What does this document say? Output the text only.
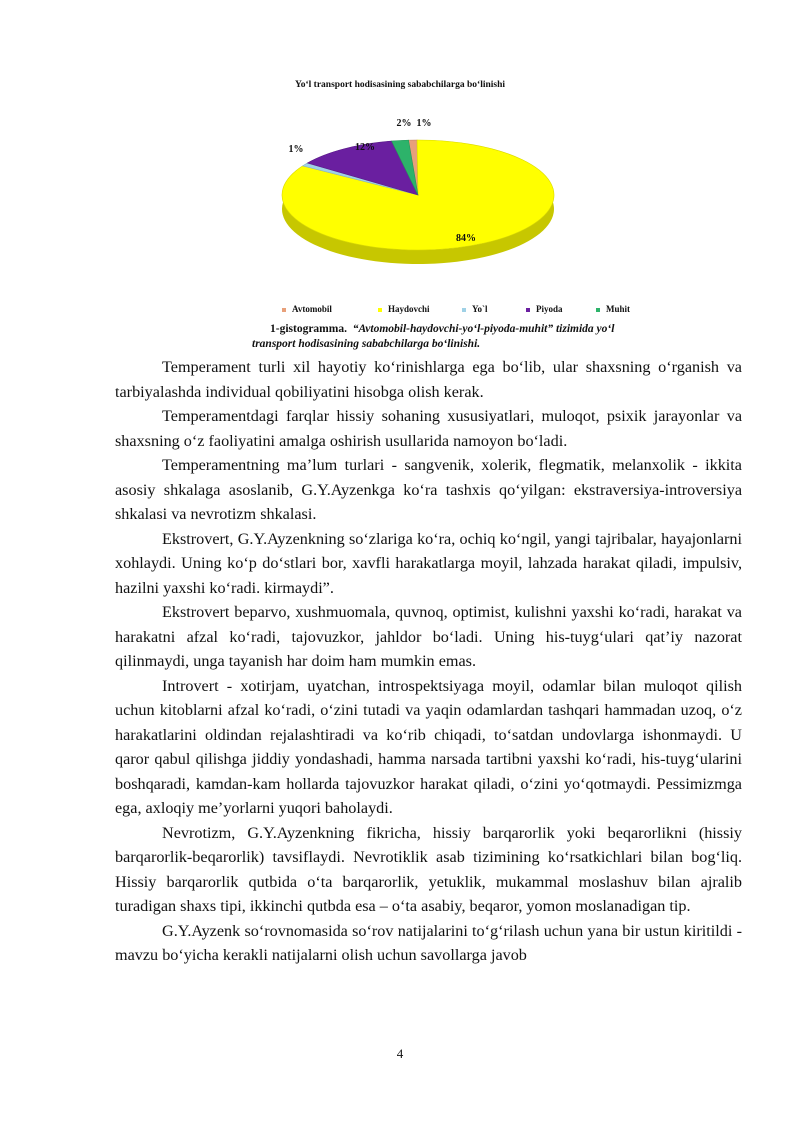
Yo‘l transport hodisasining sababchilarga bo‘linishi
1%
84%
1%	12%
2%
Avtomobil	Haydovchi	Yo`l	Piyoda	Muhit
1-gistogramma. “Avtomobil-haydovchi-yo‘l-piyoda-muhit” tizimida yo‘l
transport hodisasining sababchilarga bo‘linishi.

Temperament turli xil hayotiy ko‘rinishlarga ega bo‘lib, ular shaxsning o‘rganish va tarbiyalashda individual qobiliyatini hisobga olish kerak.

Temperamentdagi farqlar hissiy sohaning xususiyatlari, muloqot, psixik jarayonlar va shaxsning o‘z faoliyatini amalga oshirish usullarida namoyon bo‘ladi.

Temperamentning ma’lum turlari - sangvenik, xolerik, flegmatik, melanxolik - ikkita asosiy shkalaga asoslanib, G.Y.Ayzenkga ko‘ra tashxis qo‘yilgan: ekstraversiya-introversiya shkalasi va nevrotizm shkalasi.

Ekstrovert, G.Y.Ayzenkning so‘zlariga ko‘ra, ochiq ko‘ngil, yangi tajribalar, hayajonlarni xohlaydi. Uning ko‘p do‘stlari bor, xavfli harakatlarga moyil, lahzada harakat qiladi, impulsiv, hazilni yaxshi ko‘radi. kirmaydi”.

Ekstrovert beparvo, xushmuomala, quvnoq, optimist, kulishni yaxshi ko‘radi, harakat va harakatni afzal ko‘radi, tajovuzkor, jahldor bo‘ladi. Uning his-tuyg‘ulari qat’iy nazorat qilinmaydi, unga tayanish har doim ham mumkin emas.

Introvert - xotirjam, uyatchan, introspektsiyaga moyil, odamlar bilan muloqot qilish uchun kitoblarni afzal ko‘radi, o‘zini tutadi va yaqin odamlardan tashqari hammadan uzoq, o‘z harakatlarini oldindan rejalashtiradi va ko‘rib chiqadi, to‘satdan undovlarga ishonmaydi. U qaror qabul qilishga jiddiy yondashadi, hamma narsada tartibni yaxshi ko‘radi, his-tuyg‘ularini boshqaradi, kamdan-kam hollarda tajovuzkor harakat qiladi, o‘zini yo‘qotmaydi. Pessimizmga ega, axloqiy me’yorlarni yuqori baholaydi.

Nevrotizm, G.Y.Ayzenkning fikricha, hissiy barqarorlik yoki beqarorlikni (hissiy barqarorlik-beqarorlik) tavsiflaydi. Nevrotiklik asab tizimining ko‘rsatkichlari bilan bog‘liq. Hissiy barqarorlik qutbida o‘ta barqarorlik, yetuklik, mukammal moslashuv bilan ajralib turadigan shaxs tipi, ikkinchi qutbda esa – o‘ta asabiy, beqaror, yomon moslanadigan tip.

G.Y.Ayzenk so‘rovnomasida so‘rov natijalarini to‘g‘rilash uchun yana bir ustun kiritildi - mavzu bo‘yicha kerakli natijalarni olish uchun savollarga javob

4
